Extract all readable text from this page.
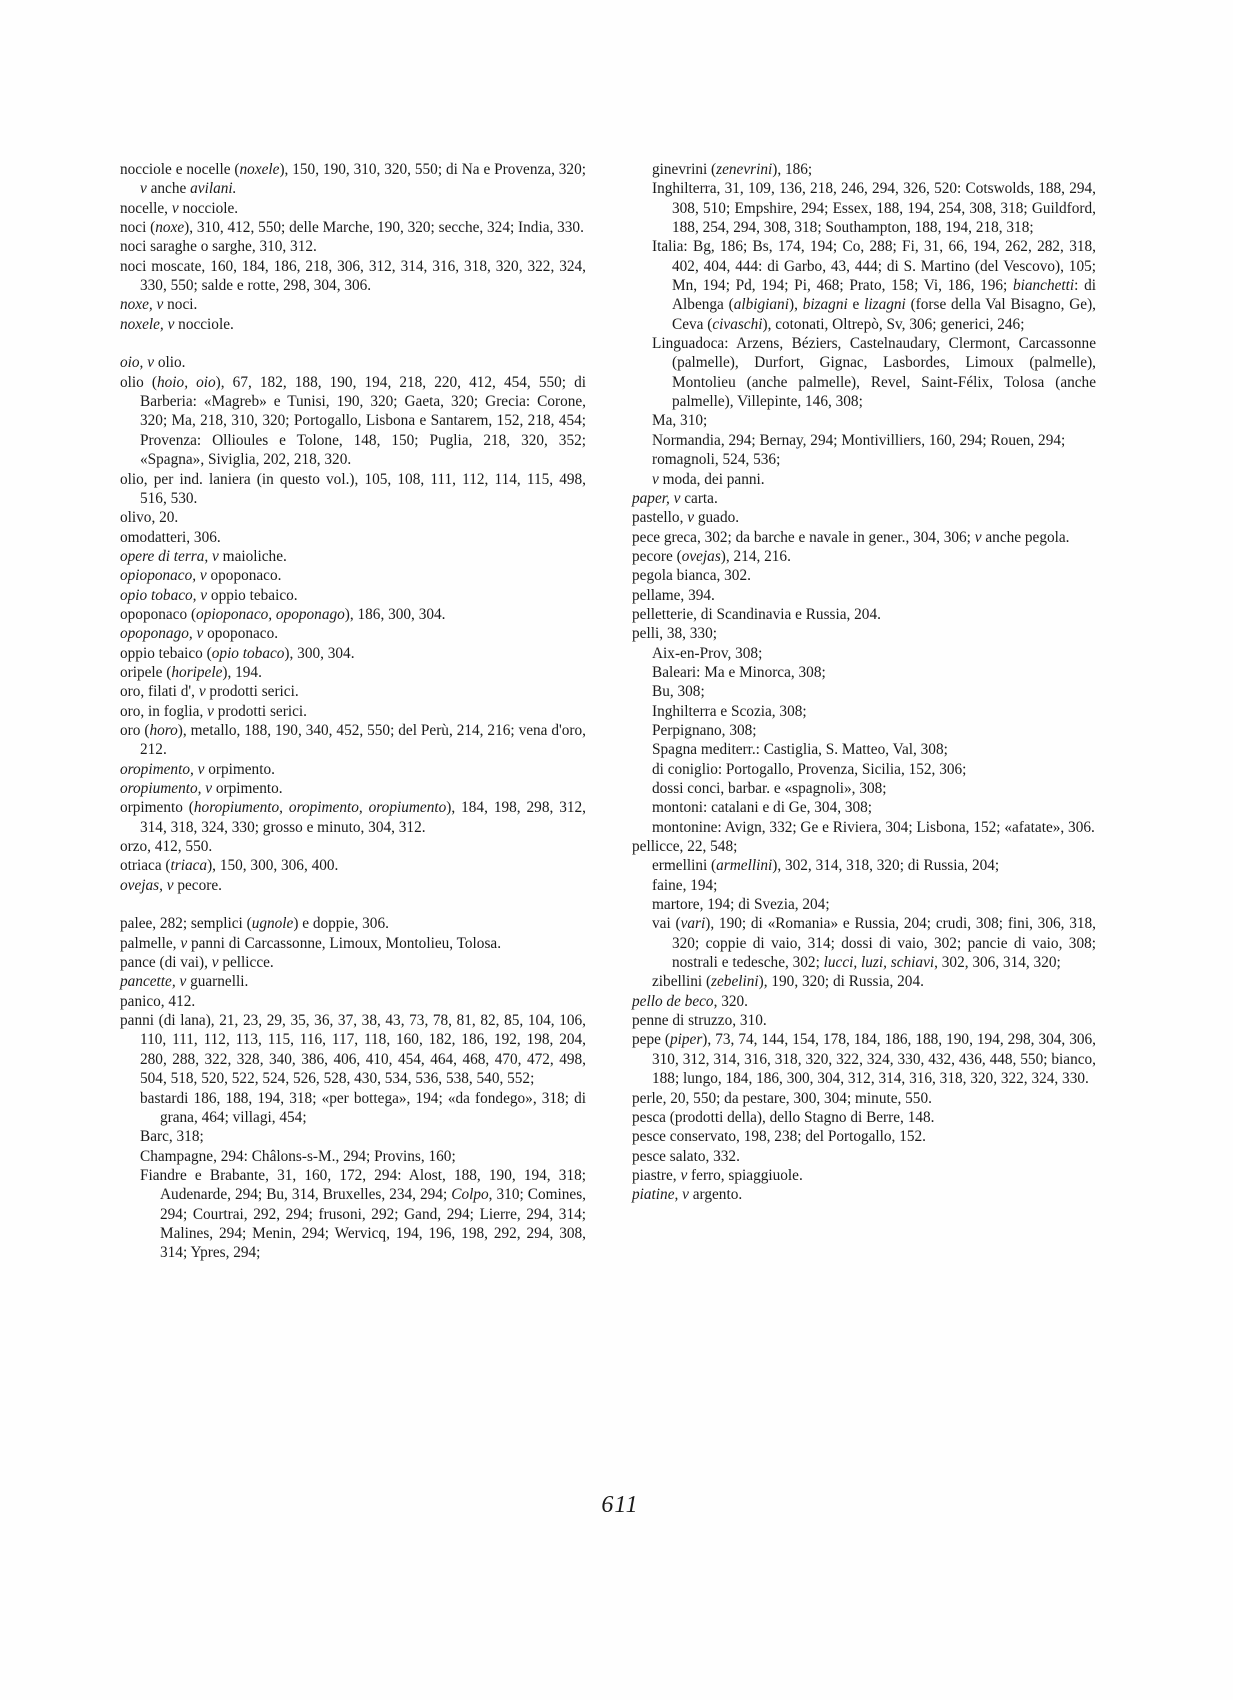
nocciole e nocelle (noxele), 150, 190, 310, 320, 550; di Na e Provenza, 320; v anche avilani.

nocelle, v nocciole.

noci (noxe), 310, 412, 550; delle Marche, 190, 320; secche, 324; India, 330.

noci saraghe o sarghe, 310, 312.

noci moscate, 160, 184, 186, 218, 306, 312, 314, 316, 318, 320, 322, 324, 330, 550; salde e rotte, 298, 304, 306.

noxe, v noci.

noxele, v nocciole.

oio, v olio.

olio (hoio, oio), 67, 182, 188, 190, 194, 218, 220, 412, 454, 550; di Barberia: «Magreb» e Tunisi, 190, 320; Gaeta, 320; Grecia: Corone, 320; Ma, 218, 310, 320; Portogallo, Lisbona e Santarem, 152, 218, 454; Provenza: Ollioules e Tolone, 148, 150; Puglia, 218, 320, 352; «Spagna», Siviglia, 202, 218, 320.

olio, per ind. laniera (in questo vol.), 105, 108, 111, 112, 114, 115, 498, 516, 530.

olivo, 20.

omodatteri, 306.

opere di terra, v maioliche.

opioponaco, v opoponaco.

opio tobaco, v oppio tebaico.

opoponaco (opioponaco, opoponago), 186, 300, 304.

opoponago, v opoponaco.

oppio tebaico (opio tobaco), 300, 304.

oripele (horipele), 194.

oro, filati d', v prodotti serici.

oro, in foglia, v prodotti serici.

oro (horo), metallo, 188, 190, 340, 452, 550; del Perù, 214, 216; vena d'oro, 212.

oropimento, v orpimento.

oropiumento, v orpimento.

orpimento (horopiumento, oropimento, oropiumento), 184, 198, 298, 312, 314, 318, 324, 330; grosso e minuto, 304, 312.

orzo, 412, 550.

otriaca (triaca), 150, 300, 306, 400.

ovejas, v pecore.

palee, 282; semplici (ugnole) e doppie, 306.

palmelle, v panni di Carcassonne, Limoux, Montolieu, Tolosa.

pance (di vai), v pellicce.

pancette, v guarnelli.

panico, 412.

panni (di lana), 21, 23, 29, 35, 36, 37, 38, 43, 73, 78, 81, 82, 85, 104, 106, 110, 111, 112, 113, 115, 116, 117, 118, 160, 182, 186, 192, 198, 204, 280, 288, 322, 328, 340, 386, 406, 410, 454, 464, 468, 470, 472, 498, 504, 518, 520, 522, 524, 526, 528, 430, 534, 536, 538, 540, 552;

bastardi 186, 188, 194, 318; «per bottega», 194; «da fondego», 318; di grana, 464; villagi, 454;

Barc, 318;

Champagne, 294: Châlons-s-M., 294; Provins, 160;

Fiandre e Brabante, 31, 160, 172, 294: Alost, 188, 190, 194, 318; Audenarde, 294; Bu, 314, Bruxelles, 234, 294; Colpo, 310; Comines, 294; Courtrai, 292, 294; frusoni, 292; Gand, 294; Lierre, 294, 314; Malines, 294; Menin, 294; Wervicq, 194, 196, 198, 292, 294, 308, 314; Ypres, 294;

ginevrini (zenevrini), 186;

Inghilterra, 31, 109, 136, 218, 246, 294, 326, 520: Cotswolds, 188, 294, 308, 510; Empshire, 294; Essex, 188, 194, 254, 308, 318; Guildford, 188, 254, 294, 308, 318; Southampton, 188, 194, 218, 318;

Italia: Bg, 186; Bs, 174, 194; Co, 288; Fi, 31, 66, 194, 262, 282, 318, 402, 404, 444: di Garbo, 43, 444; di S. Martino (del Vescovo), 105; Mn, 194; Pd, 194; Pi, 468; Prato, 158; Vi, 186, 196; bianchetti: di Albenga (albigiani), bizagni e lizagni (forse della Val Bisagno, Ge), Ceva (civaschi), cotonati, Oltrepò, Sv, 306; generici, 246;

Linguadoca: Arzens, Béziers, Castelnaudary, Clermont, Carcassonne (palmelle), Durfort, Gignac, Lasbordes, Limoux (palmelle), Montolieu (anche palmelle), Revel, Saint-Félix, Tolosa (anche palmelle), Villepinte, 146, 308;

Ma, 310;

Normandia, 294; Bernay, 294; Montivilliers, 160, 294; Rouen, 294;

romagnoli, 524, 536;

v moda, dei panni.

paper, v carta.

pastello, v guado.

pece greca, 302; da barche e navale in gener., 304, 306; v anche pegola.

pecore (ovejas), 214, 216.

pegola bianca, 302.

pellame, 394.

pelletterie, di Scandinavia e Russia, 204.

pelli, 38, 330;

Aix-en-Prov, 308;

Baleari: Ma e Minorca, 308;

Bu, 308;

Inghilterra e Scozia, 308;

Perpignano, 308;

Spagna mediterr.: Castiglia, S. Matteo, Val, 308;

di coniglio: Portogallo, Provenza, Sicilia, 152, 306;

dossi conci, barbar. e «spagnoli», 308;

montoni: catalani e di Ge, 304, 308;

montonine: Avign, 332; Ge e Riviera, 304; Lisbona, 152; «afatate», 306.

pellicce, 22, 548;

ermellini (armellini), 302, 314, 318, 320; di Russia, 204;

faine, 194;

martore, 194; di Svezia, 204;

vai (vari), 190; di «Romania» e Russia, 204; crudi, 308; fini, 306, 318, 320; coppie di vaio, 314; dossi di vaio, 302; pancie di vaio, 308; nostrali e tedesche, 302; lucci, luzi, schiavi, 302, 306, 314, 320;

zibellini (zebelini), 190, 320; di Russia, 204.

pello de beco, 320.

penne di struzzo, 310.

pepe (piper), 73, 74, 144, 154, 178, 184, 186, 188, 190, 194, 298, 304, 306, 310, 312, 314, 316, 318, 320, 322, 324, 330, 432, 436, 448, 550; bianco, 188; lungo, 184, 186, 300, 304, 312, 314, 316, 318, 320, 322, 324, 330.

perle, 20, 550; da pestare, 300, 304; minute, 550.

pesca (prodotti della), dello Stagno di Berre, 148.

pesce conservato, 198, 238; del Portogallo, 152.

pesce salato, 332.

piastre, v ferro, spiaggiuole.

piatine, v argento.

611
